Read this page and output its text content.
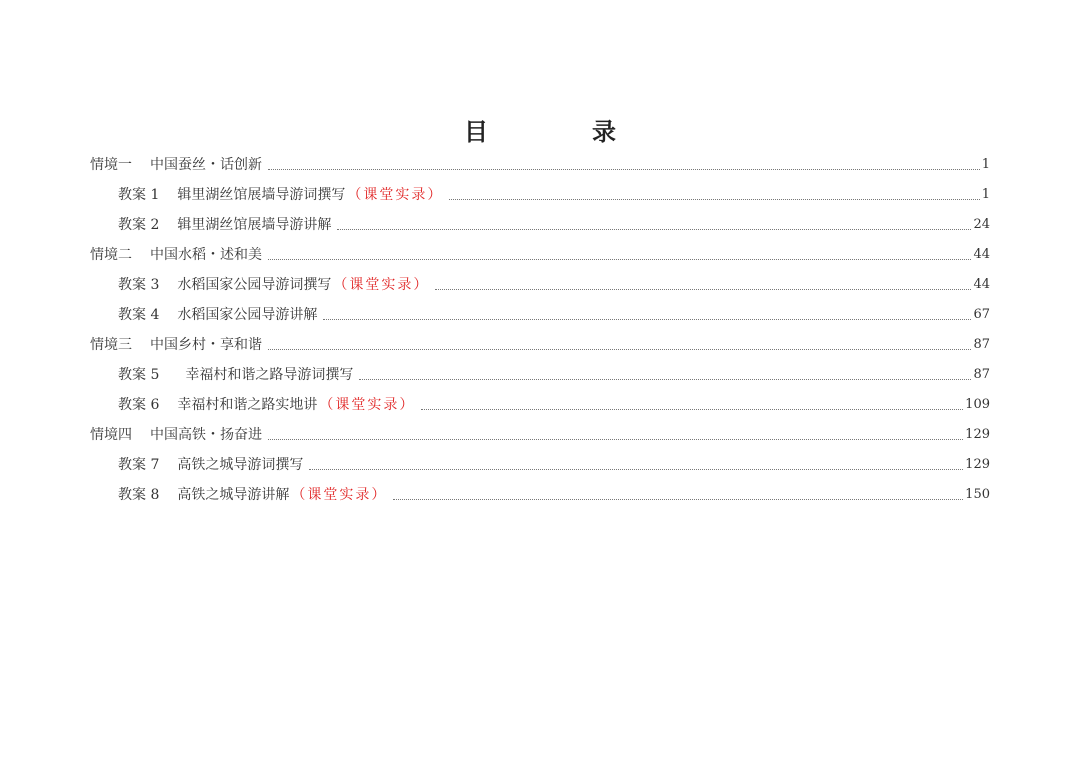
目　录
情境一 中国蚕丝・话创新	1
教案 1 辑里湖丝馆展墙导游词撰写 （课堂实录）	1
教案 2 辑里湖丝馆展墙导游讲解	24
情境二 中国水稻・述和美	44
教案 3 水稻国家公园导游词撰写 （课堂实录）	44
教案 4 水稻国家公园导游讲解	67
情境三 中国乡村・享和谐	87
教案 5 幸福村和谐之路导游词撰写	87
教案 6 幸福村和谐之路实地讲 （课堂实录）	109
情境四 中国高铁・扬奋进	129
教案 7 高铁之城导游词撰写	129
教案 8 高铁之城导游讲解 （课堂实录）	150
